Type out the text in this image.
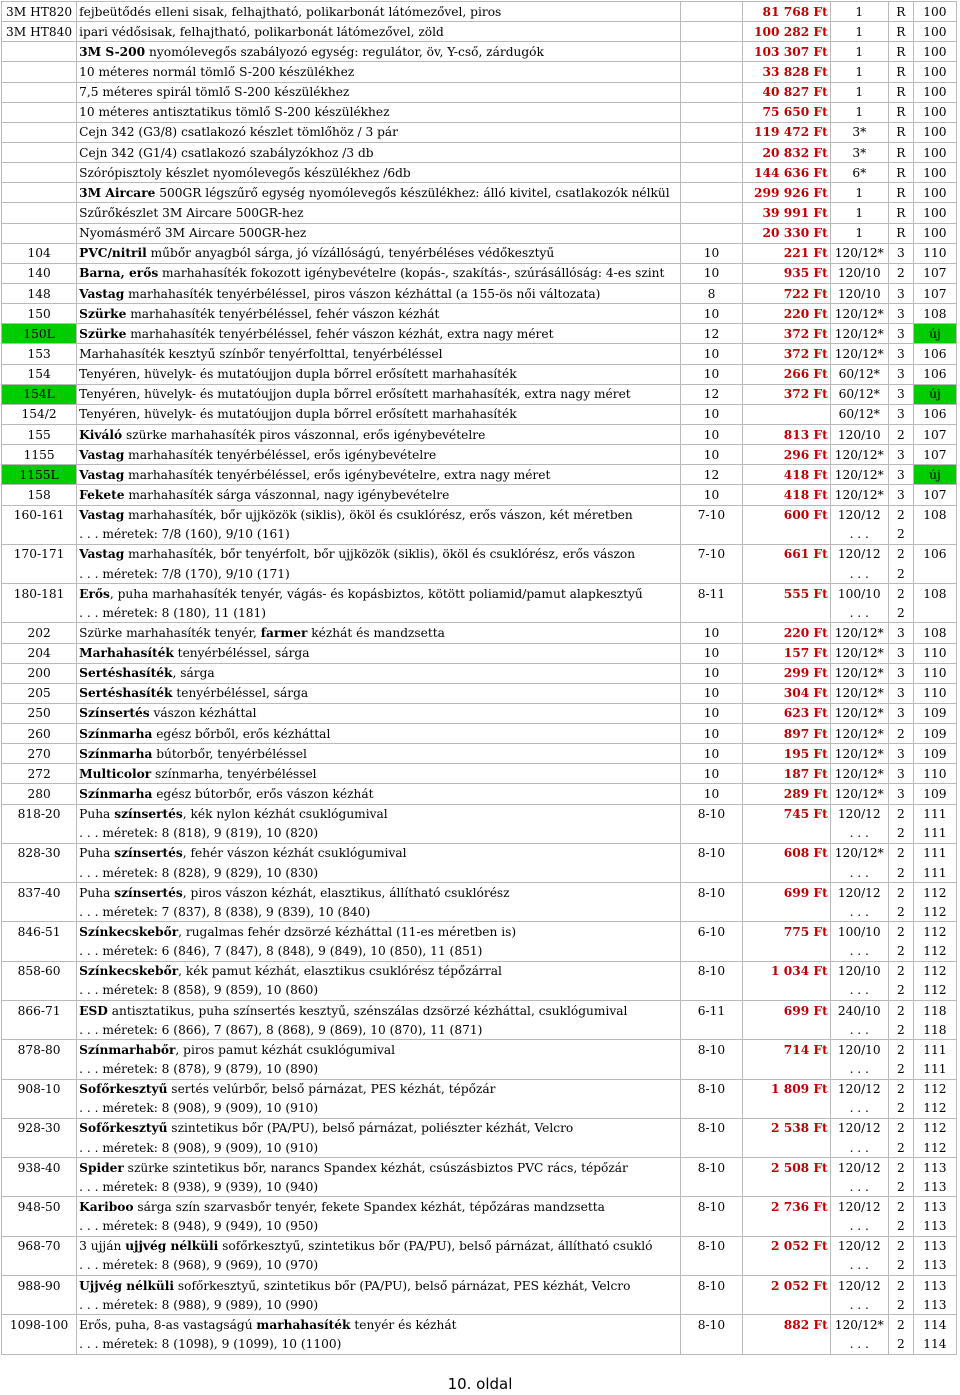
3M HT820	fejbeütődés elleni sisak, felhajtható, polikarbonát látómezővel, piros		81 768 Ft	1	R	100
3M HT840	ipari védősisak, felhajtható, polikarbonát látómezővel, zöld		100 282 Ft	1	R	100
	3M S-200 nyomólevegős szabályozó egység: regulátor, öv, Y-cső, zárdugók		103 307 Ft	1	R	100
	10 méteres normál tömlő S-200 készülékhez		33 828 Ft	1	R	100
	7,5 méteres spirál tömlő S-200 készülékhez		40 827 Ft	1	R	100
	10 méteres antisztatikus tömlő S-200 készülékhez		75 650 Ft	1	R	100
	Cejn 342 (G3/8) csatlakozó készlet tömlőhöz / 3 pár		119 472 Ft	3*	R	100
	Cejn 342 (G1/4) csatlakozó szabályzókhoz /3 db		20 832 Ft	3*	R	100
	Szórópisztoly készlet nyomólevegős készülékhez /6db		144 636 Ft	6*	R	100
	3M Aircare 500GR légszűrő egység nyomólevegős készülékhez: álló kivitel, csatlakozók nélkül		299 926 Ft	1	R	100
	Szűrőkészlet 3M Aircare 500GR-hez		39 991 Ft	1	R	100
	Nyomásmérő 3M Aircare 500GR-hez		20 330 Ft	1	R	100
104	PVC/nitril műbőr anyagból sárga, jó vízállóságú, tenyérbéléses védőkesztyű	10	221 Ft	120/12*	3	110
140	Barna, erős marhahasíték fokozott igénybevételre (kopás-, szakítás-, szúrásállóság: 4-es szint	10	935 Ft	120/10	2	107
148	Vastag marhahasíték tenyérbéléssel, piros vászon kézháttal (a 155-ös női változata)	8	722 Ft	120/10	3	107
150	Szürke marhahasíték tenyérbéléssel, fehér vászon kézhát	10	220 Ft	120/12*	3	108
150L	Szürke marhahasíték tenyérbéléssel, fehér vászon kézhát, extra nagy méret	12	372 Ft	120/12*	3	új
153	Marhahasíték kesztyű színbőr tenyérfolttal, tenyérbéléssel	10	372 Ft	120/12*	3	106
154	Tenyéren, hüvelyk- és mutatóujjon dupla bőrrel erősített marhahasíték	10	266 Ft	60/12*	3	106
154L	Tenyéren, hüvelyk- és mutatóujjon dupla bőrrel erősített marhahasíték, extra nagy méret	12	372 Ft	60/12*	3	új
154/2	Tenyéren, hüvelyk- és mutatóujjon dupla bőrrel erősített marhahasíték	10		60/12*	3	106
155	Kiváló szürke marhahasíték piros vászonnal, erős igénybevételre	10	813 Ft	120/10	2	107
1155	Vastag marhahasíték tenyérbéléssel, erős igénybevételre	10	296 Ft	120/12*	3	107
1155L	Vastag marhahasíték tenyérbéléssel, erős igénybevételre, extra nagy méret	12	418 Ft	120/12*	3	új
158	Fekete marhahasíték sárga vászonnal, nagy igénybevételre	10	418 Ft	120/12*	3	107
160-161	Vastag marhahasíték, bőr ujjközök (siklis), ököl és csuklórész, erős vászon, két méretben	7-10	600 Ft	120/12	2	108
	. . . méretek: 7/8 (160), 9/10 (161)			. . .	2	
170-171	Vastag marhahasíték, bőr tenyérfolt, bőr ujjközök (siklis), ököl és csuklórész, erős vászon	7-10	661 Ft	120/12	2	106
	. . . méretek: 7/8 (170), 9/10 (171)			. . .	2	
180-181	Erős, puha marhahasíték tenyér, vágás- és kopásbiztos, kötött poliamid/pamut alapkesztyű	8-11	555 Ft	100/10	2	108
	. . . méretek: 8 (180), 11 (181)			. . .	2	
202	Szürke marhahasíték tenyér, farmer kézhát és mandzsetta	10	220 Ft	120/12*	3	108
204	Marhahasíték tenyérbéléssel, sárga	10	157 Ft	120/12*	3	110
200	Sertéshasíték, sárga	10	299 Ft	120/12*	3	110
205	Sertéshasíték tenyérbéléssel, sárga	10	304 Ft	120/12*	3	110
250	Színsertés vászon kézháttal	10	623 Ft	120/12*	3	109
260	Színmarha egész bőrből, erős kézháttal	10	897 Ft	120/12*	2	109
270	Színmarha bútorbőr, tenyérbéléssel	10	195 Ft	120/12*	3	109
272	Multicolor színmarha, tenyérbéléssel	10	187 Ft	120/12*	3	110
280	Színmarha egész bútorbőr, erős vászon kézhát	10	289 Ft	120/12*	3	109
818-20	Puha színsertés, kék nylon kézhát csuklógumival	8-10	745 Ft	120/12	2	111
	. . . méretek: 8 (818), 9 (819), 10 (820)			. . .	2	111
828-30	Puha színsertés, fehér vászon kézhát csuklógumival	8-10	608 Ft	120/12*	2	111
	. . . méretek: 8 (828), 9 (829), 10 (830)			. . .	2	111
837-40	Puha színsertés, piros vászon kézhát, elasztikus, állítható csuklórész	8-10	699 Ft	120/12	2	112
	. . . méretek: 7 (837), 8 (838), 9 (839), 10 (840)			. . .	2	112
846-51	Színkecskebőr, rugalmas fehér dzsörzé kézháttal (11-es méretben is)	6-10	775 Ft	100/10	2	112
	. . . méretek: 6 (846), 7 (847), 8 (848), 9 (849), 10 (850), 11 (851)			. . .	2	112
858-60	Színkecskebőr, kék pamut kézhát, elasztikus csuklórész tépőzárral	8-10	1 034 Ft	120/10	2	112
	. . . méretek: 8 (858), 9 (859), 10 (860)			. . .	2	112
866-71	ESD antisztatikus, puha színsertés kesztyű, szénszálas dzsörzé kézháttal, csuklógumival	6-11	699 Ft	240/10	2	118
	. . . méretek: 6 (866), 7 (867), 8 (868), 9 (869), 10 (870), 11 (871)			. . .	2	118
878-80	Színmarhabőr, piros pamut kézhát csuklógumival	8-10	714 Ft	120/10	2	111
	. . . méretek: 8 (878), 9 (879), 10 (890)			. . .	2	111
908-10	Sofőrkesztyű sertés velúrbőr, belső párnázat, PES kézhát, tépőzár	8-10	1 809 Ft	120/12	2	112
	. . . méretek: 8 (908), 9 (909), 10 (910)			. . .	2	112
928-30	Sofőrkesztyű szintetikus bőr (PA/PU), belső párnázat, poliészter kézhát, Velcro	8-10	2 538 Ft	120/12	2	112
	. . . méretek: 8 (908), 9 (909), 10 (910)			. . .	2	112
938-40	Spider szürke szintetikus bőr, narancs Spandex kézhát, csúszásbiztos PVC rács, tépőzár	8-10	2 508 Ft	120/12	2	113
	. . . méretek: 8 (938), 9 (939), 10 (940)			. . .	2	113
948-50	Kariboo sárga szín szarvasbőr tenyér, fekete Spandex kézhát, tépőzáras mandzsetta	8-10	2 736 Ft	120/12	2	113
	. . . méretek: 8 (948), 9 (949), 10 (950)			. . .	2	113
968-70	3 ujján ujjvég nélküli sofőrkesztyű, szintetikus bőr (PA/PU), belső párnázat, állítható csukló	8-10	2 052 Ft	120/12	2	113
	. . . méretek: 8 (968), 9 (969), 10 (970)			. . .	2	113
988-90	Ujjvég nélküli sofőrkesztyű, szintetikus bőr (PA/PU), belső párnázat, PES kézhát, Velcro	8-10	2 052 Ft	120/12	2	113
	. . . méretek: 8 (988), 9 (989), 10 (990)			. . .	2	113
1098-100	Erős, puha, 8-as vastagságú marhahasíték tenyér és kézhát	8-10	882 Ft	120/12*	2	114
	. . . méretek: 8 (1098), 9 (1099), 10 (1100)			. . .	2	114
10. oldal
